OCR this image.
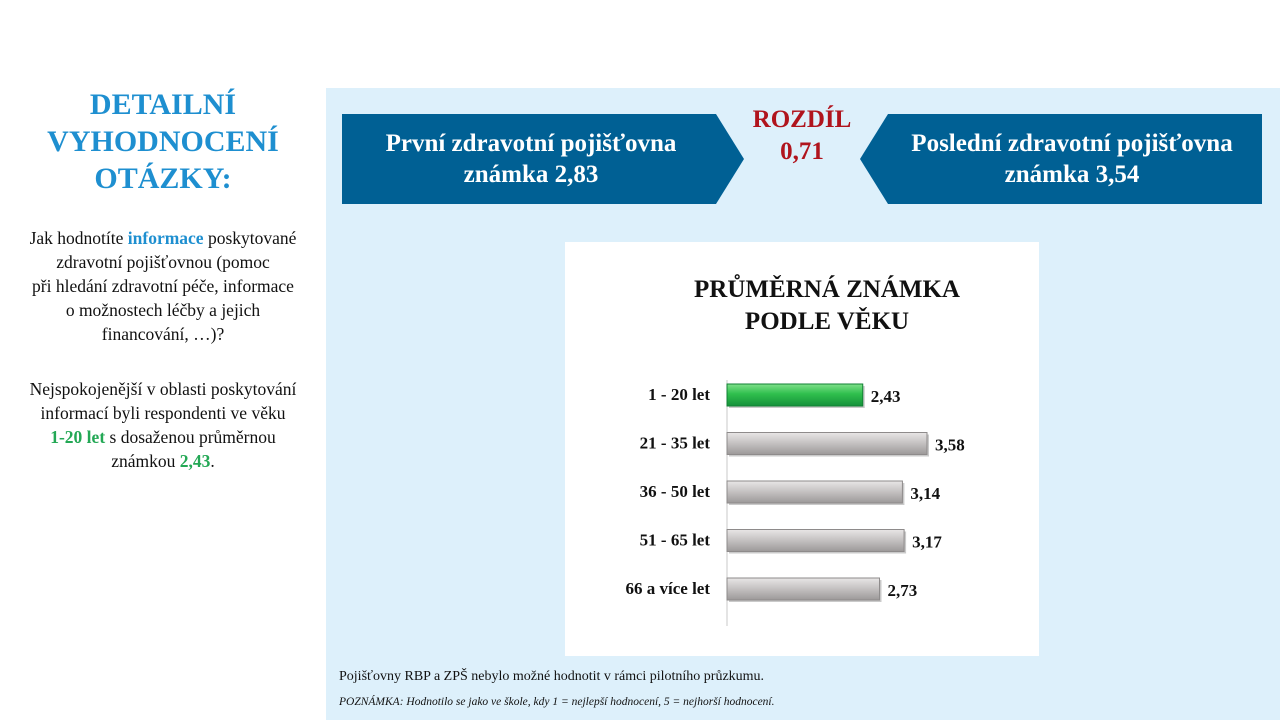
DETAILNÍ
VYHODNOCENÍ
OTÁZKY:
Jak hodnotíte informace poskytované
zdravotní pojišťovnou (pomoc
při hledání zdravotní péče, informace
o možnostech léčby a jejich
financování, …)?
Nejspokojenější v oblasti poskytování
informací byli respondenti ve věku
1-20 let s dosaženou průměrnou
známkou 2,43.
První zdravotní pojišťovna
známka 2,83
ROZDÍL
0,71	Poslední zdravotní pojišťovna
známka 3,54
PRŮMĚRNÁ ZNÁMKA
PODLE VĚKU
1 - 20 let	2,43
21 - 35 let	3,58
36 - 50 let	3,14
51 - 65 let	3,17
66 a více let	2,73
Pojišťovny RBP a ZPŠ nebylo možné hodnotit v rámci pilotního průzkumu.
POZNÁMKA: Hodnotilo se jako ve škole, kdy 1 = nejlepší hodnocení, 5 = nejhorší hodnocení.
